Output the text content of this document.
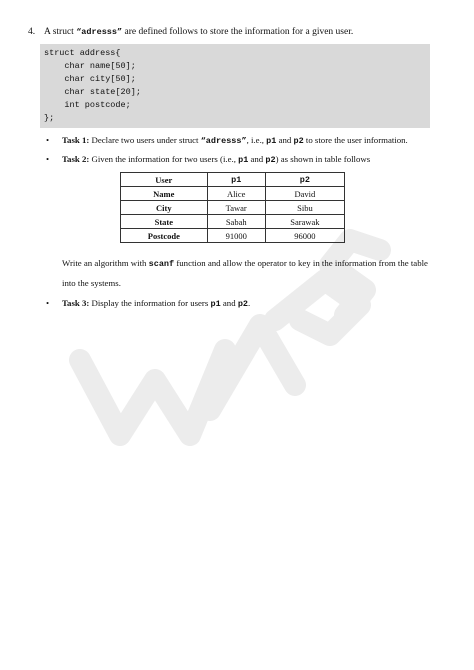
4. A struct “adresss” are defined follows to store the information for a given user.
struct address{
char name[50];
char city[50];
char state[20];
int postcode;
};
• Task 1: Declare two users under struct “adresss”, i.e., p1 and p2 to store the user information.
• Task 2: Given the information for two users (i.e., p1 and p2) as shown in table follows
User	p1	p2
Name	Alice	David
City	Tawar	Sibu
State	Sabah	Sarawak
Postcode	91000	96000
Write an algorithm with scanf function and allow the operator to key in the information from the table
into the systems.
• Task 3: Display the information for users p1 and p2.
